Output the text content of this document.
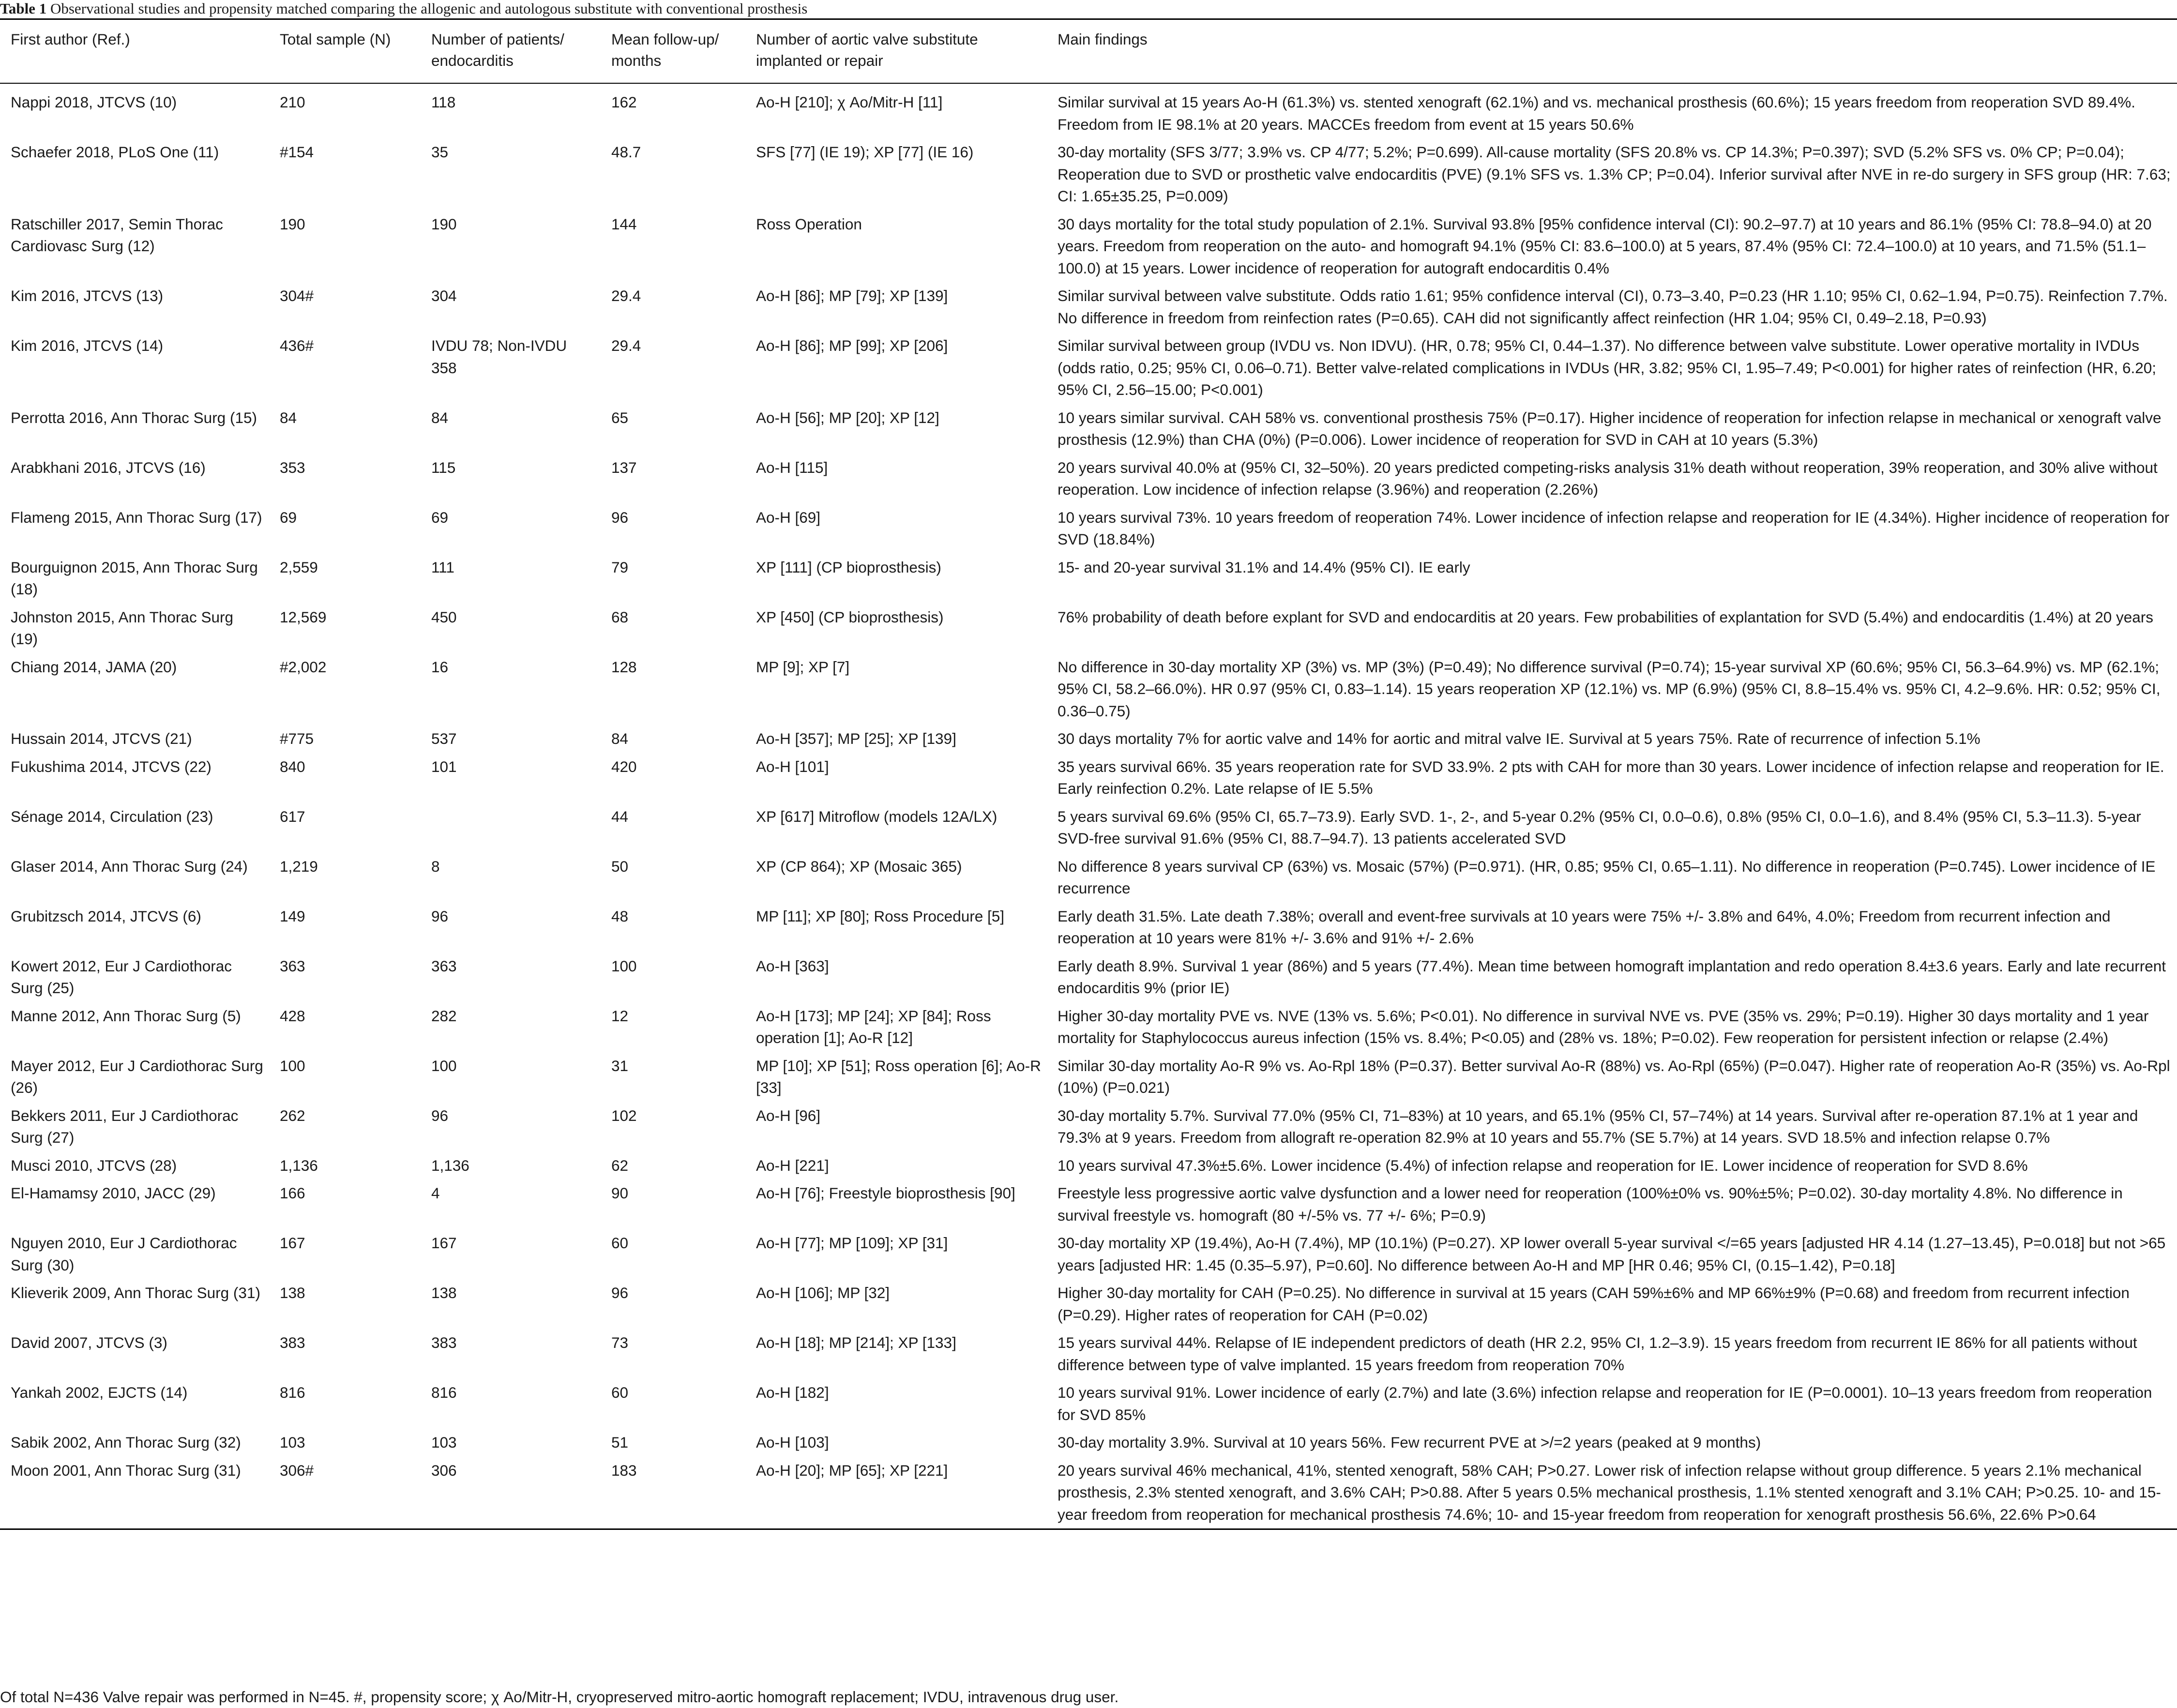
Table 1 Observational studies and propensity matched comparing the allogenic and autologous substitute with conventional prosthesis
First author (Ref.)	Total sample (N)	Number of patients/ endocarditis	Mean follow-up/ months	Number of aortic valve substitute implanted or repair	Main findings
Nappi 2018, JTCVS (10)	210	118	162	Ao-H [210]; χ Ao/Mitr-H [11]	Similar survival at 15 years Ao-H (61.3%) vs. stented xenograft (62.1%) and vs. mechanical prosthesis (60.6%); 15 years freedom from reoperation SVD 89.4%. Freedom from IE 98.1% at 20 years. MACCEs freedom from event at 15 years 50.6%
Schaefer 2018, PLoS One (11)	#154	35	48.7	SFS [77] (IE 19); XP [77] (IE 16)	30-day mortality (SFS 3/77; 3.9% vs. CP 4/77; 5.2%; P=0.699). All-cause mortality (SFS 20.8% vs. CP 14.3%; P=0.397); SVD (5.2% SFS vs. 0% CP; P=0.04); Reoperation due to SVD or prosthetic valve endocarditis (PVE) (9.1% SFS vs. 1.3% CP; P=0.04). Inferior survival after NVE in re-do surgery in SFS group (HR: 7.63; CI: 1.65±35.25, P=0.009)
Ratschiller 2017, Semin Thorac Cardiovasc Surg (12)	190	190	144	Ross Operation	30 days mortality for the total study population of 2.1%. Survival 93.8% [95% confidence interval (CI): 90.2–97.7) at 10 years and 86.1% (95% CI: 78.8–94.0) at 20 years. Freedom from reoperation on the auto- and homograft 94.1% (95% CI: 83.6–100.0) at 5 years, 87.4% (95% CI: 72.4–100.0) at 10 years, and 71.5% (51.1–100.0) at 15 years. Lower incidence of reoperation for autograft endocarditis 0.4%
Kim 2016, JTCVS (13)	304#	304	29.4	Ao-H [86]; MP [79]; XP [139]	Similar survival between valve substitute. Odds ratio 1.61; 95% confidence interval (CI), 0.73–3.40, P=0.23 (HR 1.10; 95% CI, 0.62–1.94, P=0.75). Reinfection 7.7%. No difference in freedom from reinfection rates (P=0.65). CAH did not significantly affect reinfection (HR 1.04; 95% CI, 0.49–2.18, P=0.93)
Kim 2016, JTCVS (14)	436#	IVDU 78; Non-IVDU 358	29.4	Ao-H [86]; MP [99]; XP [206]	Similar survival between group (IVDU vs. Non IDVU). (HR, 0.78; 95% CI, 0.44–1.37). No difference between valve substitute. Lower operative mortality in IVDUs (odds ratio, 0.25; 95% CI, 0.06–0.71). Better valve-related complications in IVDUs (HR, 3.82; 95% CI, 1.95–7.49; P<0.001) for higher rates of reinfection (HR, 6.20; 95% CI, 2.56–15.00; P<0.001)
Perrotta 2016, Ann Thorac Surg (15)	84	84	65	Ao-H [56]; MP [20]; XP [12]	10 years similar survival. CAH 58% vs. conventional prosthesis 75% (P=0.17). Higher incidence of reoperation for infection relapse in mechanical or xenograft valve prosthesis (12.9%) than CHA (0%) (P=0.006). Lower incidence of reoperation for SVD in CAH at 10 years (5.3%)
Arabkhani 2016, JTCVS (16)	353	115	137	Ao-H [115]	20 years survival 40.0% at (95% CI, 32–50%). 20 years predicted competing-risks analysis 31% death without reoperation, 39% reoperation, and 30% alive without reoperation. Low incidence of infection relapse (3.96%) and reoperation (2.26%)
Flameng 2015, Ann Thorac Surg (17)	69	69	96	Ao-H [69]	10 years survival 73%. 10 years freedom of reoperation 74%. Lower incidence of infection relapse and reoperation for IE (4.34%). Higher incidence of reoperation for SVD (18.84%)
Bourguignon 2015, Ann Thorac Surg (18)	2,559	111	79	XP [111] (CP bioprosthesis)	15- and 20-year survival 31.1% and 14.4% (95% CI). IE early
Johnston 2015, Ann Thorac Surg (19)	12,569	450	68	XP [450] (CP bioprosthesis)	76% probability of death before explant for SVD and endocarditis at 20 years. Few probabilities of explantation for SVD (5.4%) and endocarditis (1.4%) at 20 years
Chiang 2014, JAMA (20)	#2,002	16	128	MP [9]; XP [7]	No difference in 30-day mortality XP (3%) vs. MP (3%) (P=0.49); No difference survival (P=0.74); 15-year survival XP (60.6%; 95% CI, 56.3–64.9%) vs. MP (62.1%; 95% CI, 58.2–66.0%). HR 0.97 (95% CI, 0.83–1.14). 15 years reoperation XP (12.1%) vs. MP (6.9%) (95% CI, 8.8–15.4% vs. 95% CI, 4.2–9.6%. HR: 0.52; 95% CI, 0.36–0.75)
Hussain 2014, JTCVS (21)	#775	537	84	Ao-H [357]; MP [25]; XP [139]	30 days mortality 7% for aortic valve and 14% for aortic and mitral valve IE. Survival at 5 years 75%. Rate of recurrence of infection 5.1%
Fukushima 2014, JTCVS (22)	840	101	420	Ao-H [101]	35 years survival 66%. 35 years reoperation rate for SVD 33.9%. 2 pts with CAH for more than 30 years. Lower incidence of infection relapse and reoperation for IE. Early reinfection 0.2%. Late relapse of IE 5.5%
Sénage 2014, Circulation (23)	617		44	XP [617] Mitroflow (models 12A/LX)	5 years survival 69.6% (95% CI, 65.7–73.9). Early SVD. 1-, 2-, and 5-year 0.2% (95% CI, 0.0–0.6), 0.8% (95% CI, 0.0–1.6), and 8.4% (95% CI, 5.3–11.3). 5-year SVD-free survival 91.6% (95% CI, 88.7–94.7). 13 patients accelerated SVD
Glaser 2014, Ann Thorac Surg (24)	1,219	8	50	XP (CP 864); XP (Mosaic 365)	No difference 8 years survival CP (63%) vs. Mosaic (57%) (P=0.971). (HR, 0.85; 95% CI, 0.65–1.11). No difference in reoperation (P=0.745). Lower incidence of IE recurrence
Grubitzsch 2014, JTCVS (6)	149	96	48	MP [11]; XP [80]; Ross Procedure [5]	Early death 31.5%. Late death 7.38%; overall and event-free survivals at 10 years were 75% +/- 3.8% and 64%, 4.0%; Freedom from recurrent infection and reoperation at 10 years were 81% +/- 3.6% and 91% +/- 2.6%
Kowert 2012, Eur J Cardiothorac Surg (25)	363	363	100	Ao-H [363]	Early death 8.9%. Survival 1 year (86%) and 5 years (77.4%). Mean time between homograft implantation and redo operation 8.4±3.6 years. Early and late recurrent endocarditis 9% (prior IE)
Manne 2012, Ann Thorac Surg (5)	428	282	12	Ao-H [173]; MP [24]; XP [84]; Ross operation [1]; Ao-R [12]	Higher 30-day mortality PVE vs. NVE (13% vs. 5.6%; P<0.01). No difference in survival NVE vs. PVE (35% vs. 29%; P=0.19). Higher 30 days mortality and 1 year mortality for Staphylococcus aureus infection (15% vs. 8.4%; P<0.05) and (28% vs. 18%; P=0.02). Few reoperation for persistent infection or relapse (2.4%)
Mayer 2012, Eur J Cardiothorac Surg (26)	100	100	31	MP [10]; XP [51]; Ross operation [6]; Ao-R [33]	Similar 30-day mortality Ao-R 9% vs. Ao-Rpl 18% (P=0.37). Better survival Ao-R (88%) vs. Ao-Rpl (65%) (P=0.047). Higher rate of reoperation Ao-R (35%) vs. Ao-Rpl (10%) (P=0.021)
Bekkers 2011, Eur J Cardiothorac Surg (27)	262	96	102	Ao-H [96]	30-day mortality 5.7%. Survival 77.0% (95% CI, 71–83%) at 10 years, and 65.1% (95% CI, 57–74%) at 14 years. Survival after re-operation 87.1% at 1 year and 79.3% at 9 years. Freedom from allograft re-operation 82.9% at 10 years and 55.7% (SE 5.7%) at 14 years. SVD 18.5% and infection relapse 0.7%
Musci 2010, JTCVS (28)	1,136	1,136	62	Ao-H [221]	10 years survival 47.3%±5.6%. Lower incidence (5.4%) of infection relapse and reoperation for IE. Lower incidence of reoperation for SVD 8.6%
El-Hamamsy 2010, JACC (29)	166	4	90	Ao-H [76]; Freestyle bioprosthesis [90]	Freestyle less progressive aortic valve dysfunction and a lower need for reoperation (100%±0% vs. 90%±5%; P=0.02). 30-day mortality 4.8%. No difference in survival freestyle vs. homograft (80 +/-5% vs. 77 +/- 6%; P=0.9)
Nguyen 2010, Eur J Cardiothorac Surg (30)	167	167	60	Ao-H [77]; MP [109]; XP [31]	30-day mortality XP (19.4%), Ao-H (7.4%), MP (10.1%) (P=0.27). XP lower overall 5-year survival </=65 years [adjusted HR 4.14 (1.27–13.45), P=0.018] but not >65 years [adjusted HR: 1.45 (0.35–5.97), P=0.60]. No difference between Ao-H and MP [HR 0.46; 95% CI, (0.15–1.42), P=0.18]
Klieverik 2009, Ann Thorac Surg (31)	138	138	96	Ao-H [106]; MP [32]	Higher 30-day mortality for CAH (P=0.25). No difference in survival at 15 years (CAH 59%±6% and MP 66%±9% (P=0.68) and freedom from recurrent infection (P=0.29). Higher rates of reoperation for CAH (P=0.02)
David 2007, JTCVS (3)	383	383	73	Ao-H [18]; MP [214]; XP [133]	15 years survival 44%. Relapse of IE independent predictors of death (HR 2.2, 95% CI, 1.2–3.9). 15 years freedom from recurrent IE 86% for all patients without difference between type of valve implanted. 15 years freedom from reoperation 70%
Yankah 2002, EJCTS (14)	816	816	60	Ao-H [182]	10 years survival 91%. Lower incidence of early (2.7%) and late (3.6%) infection relapse and reoperation for IE (P=0.0001). 10–13 years freedom from reoperation for SVD 85%
Sabik 2002, Ann Thorac Surg (32)	103	103	51	Ao-H [103]	30-day mortality 3.9%. Survival at 10 years 56%. Few recurrent PVE at >/=2 years (peaked at 9 months)
Moon 2001, Ann Thorac Surg (31)	306#	306	183	Ao-H [20]; MP [65]; XP [221]	20 years survival 46% mechanical, 41%, stented xenograft, 58% CAH; P>0.27. Lower risk of infection relapse without group difference. 5 years 2.1% mechanical prosthesis, 2.3% stented xenograft, and 3.6% CAH; P>0.88. After 5 years 0.5% mechanical prosthesis, 1.1% stented xenograft and 3.1% CAH; P>0.25. 10- and 15-year freedom from reoperation for mechanical prosthesis 74.6%; 10- and 15-year freedom from reoperation for xenograft prosthesis 56.6%, 22.6% P>0.64
Of total N=436 Valve repair was performed in N=45. #, propensity score; χ Ao/Mitr-H, cryopreserved mitro-aortic homograft replacement; IVDU, intravenous drug user.
